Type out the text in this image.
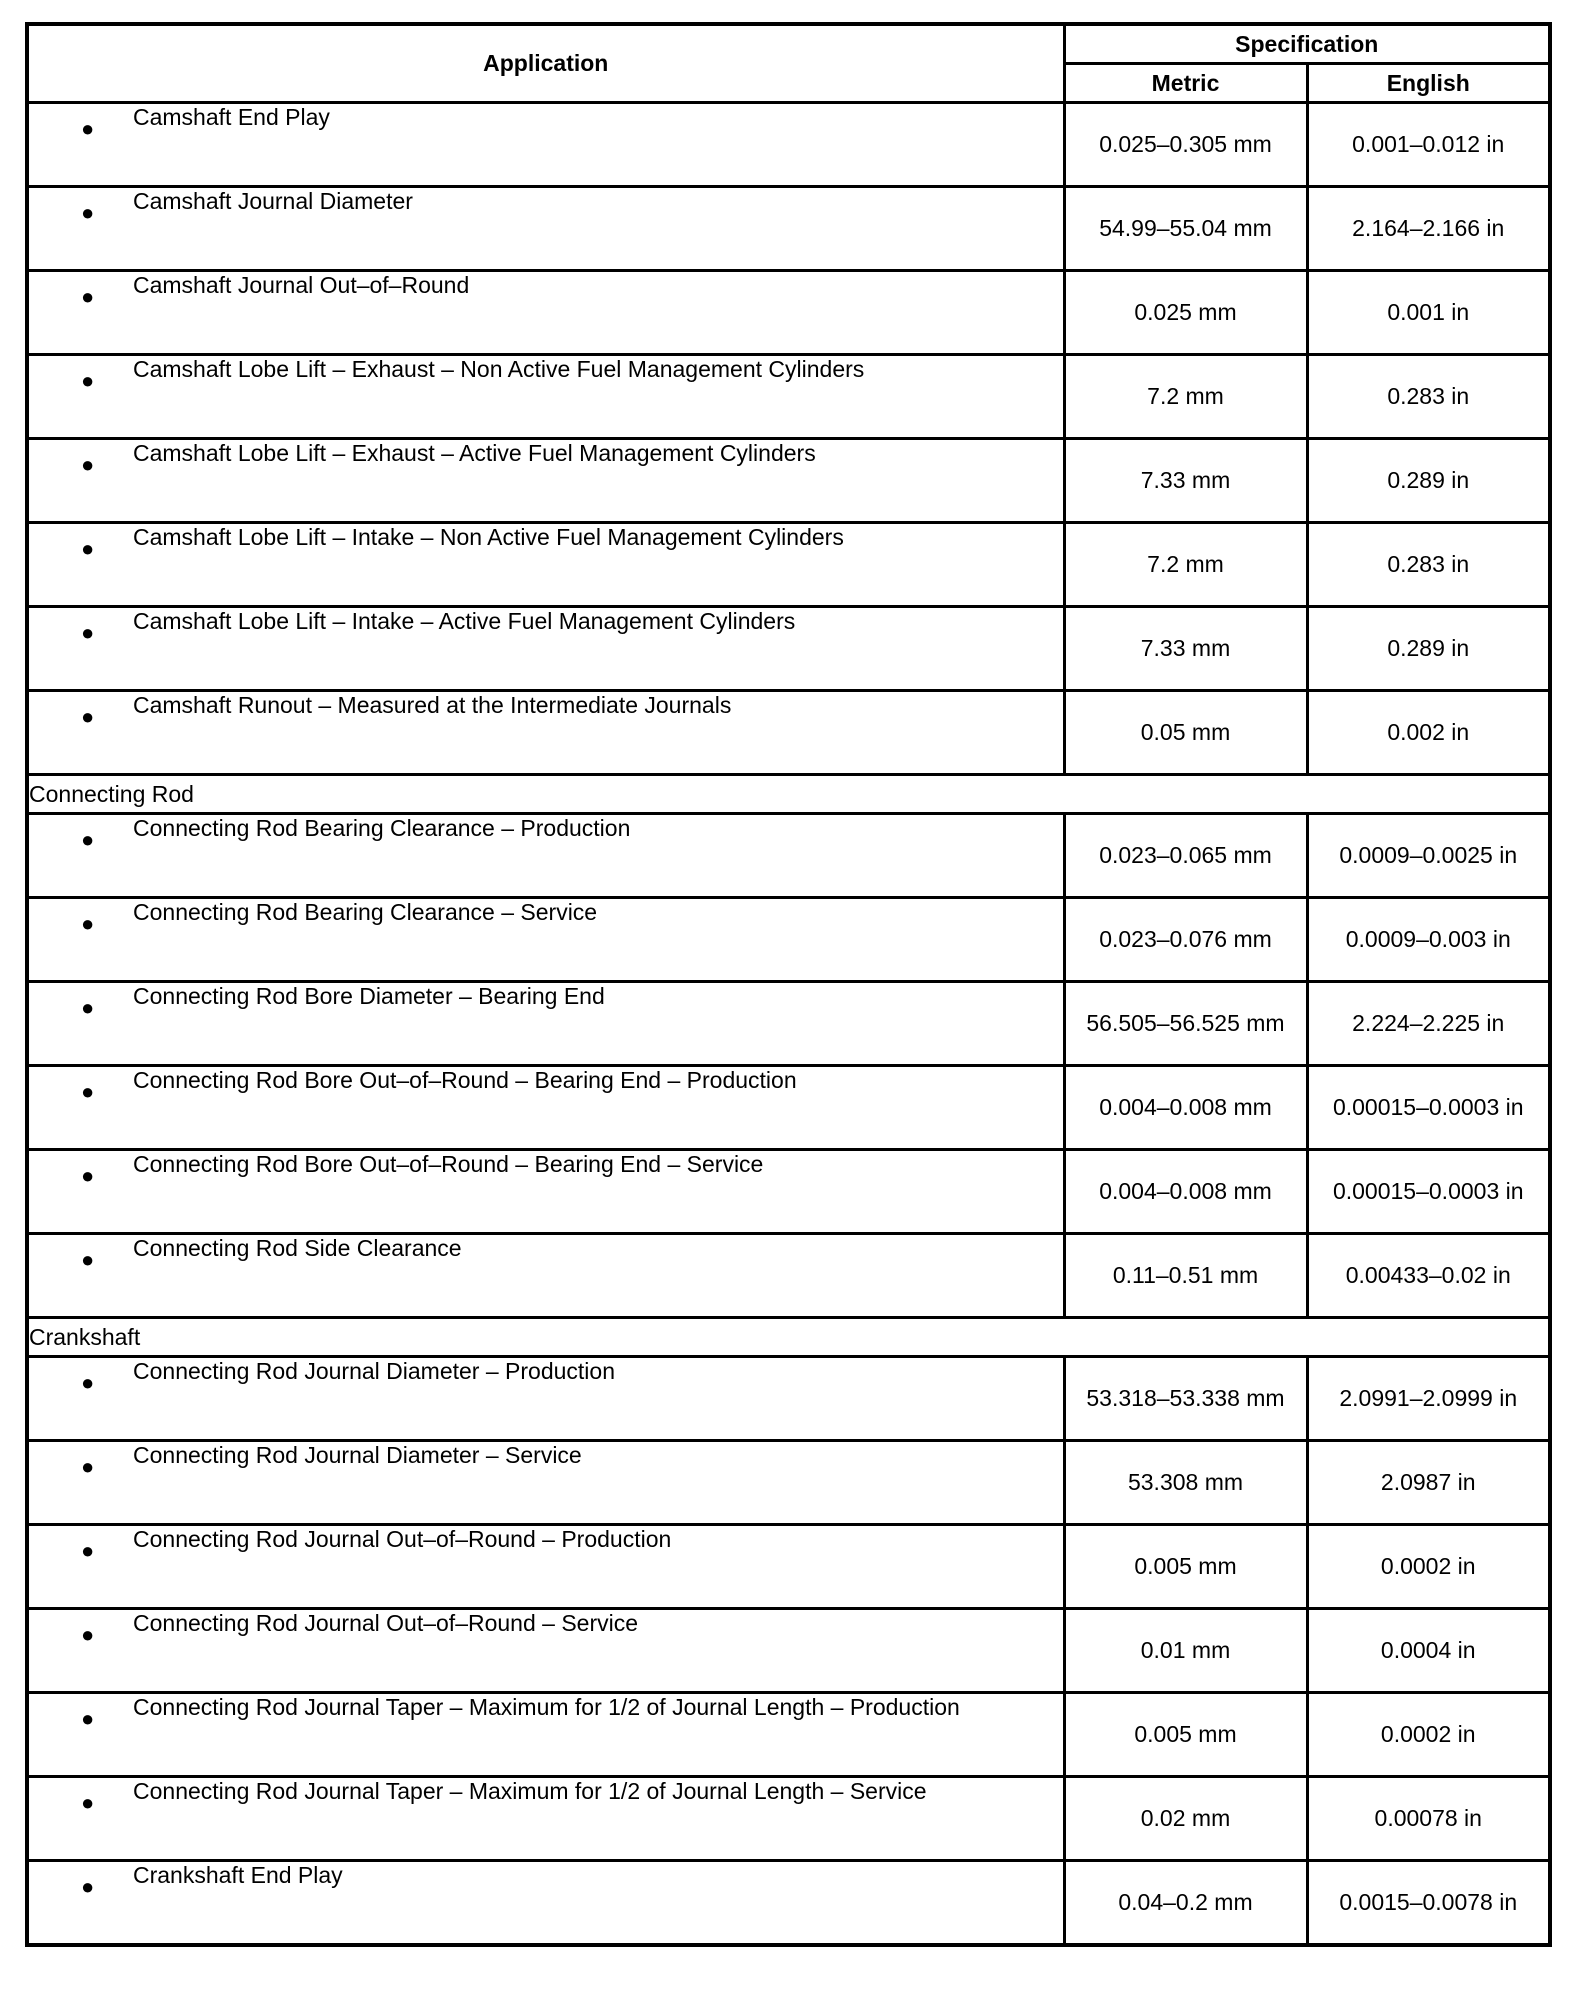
Application	Specification	
	Metric	English

● Camshaft End Play	0.025–0.305 mm	0.001–0.012 in

● Camshaft Journal Diameter	54.99–55.04 mm	2.164–2.166 in

● Camshaft Journal Out–of–Round	0.025 mm	0.001 in

● Camshaft Lobe Lift – Exhaust – Non Active Fuel Management Cylinders	7.2 mm	0.283 in

● Camshaft Lobe Lift – Exhaust – Active Fuel Management Cylinders	7.33 mm	0.289 in

● Camshaft Lobe Lift – Intake – Non Active Fuel Management Cylinders	7.2 mm	0.283 in

● Camshaft Lobe Lift – Intake – Active Fuel Management Cylinders	7.33 mm	0.289 in

● Camshaft Runout – Measured at the Intermediate Journals	0.05 mm	0.002 in
Connecting Rod		

● Connecting Rod Bearing Clearance – Production	0.023–0.065 mm	0.0009–0.0025 in

● Connecting Rod Bearing Clearance – Service	0.023–0.076 mm	0.0009–0.003 in

● Connecting Rod Bore Diameter – Bearing End	56.505–56.525 mm	2.224–2.225 in

● Connecting Rod Bore Out–of–Round – Bearing End – Production	0.004–0.008 mm	0.00015–0.0003 in

● Connecting Rod Bore Out–of–Round – Bearing End – Service	0.004–0.008 mm	0.00015–0.0003 in

● Connecting Rod Side Clearance	0.11–0.51 mm	0.00433–0.02 in
Crankshaft		

● Connecting Rod Journal Diameter – Production	53.318–53.338 mm	2.0991–2.0999 in

● Connecting Rod Journal Diameter – Service	53.308 mm	2.0987 in

● Connecting Rod Journal Out–of–Round – Production	0.005 mm	0.0002 in

● Connecting Rod Journal Out–of–Round – Service	0.01 mm	0.0004 in

● Connecting Rod Journal Taper – Maximum for 1/2 of Journal Length – Production	0.005 mm	0.0002 in

● Connecting Rod Journal Taper – Maximum for 1/2 of Journal Length – Service	0.02 mm	0.00078 in

● Crankshaft End Play	0.04–0.2 mm	0.0015–0.0078 in
